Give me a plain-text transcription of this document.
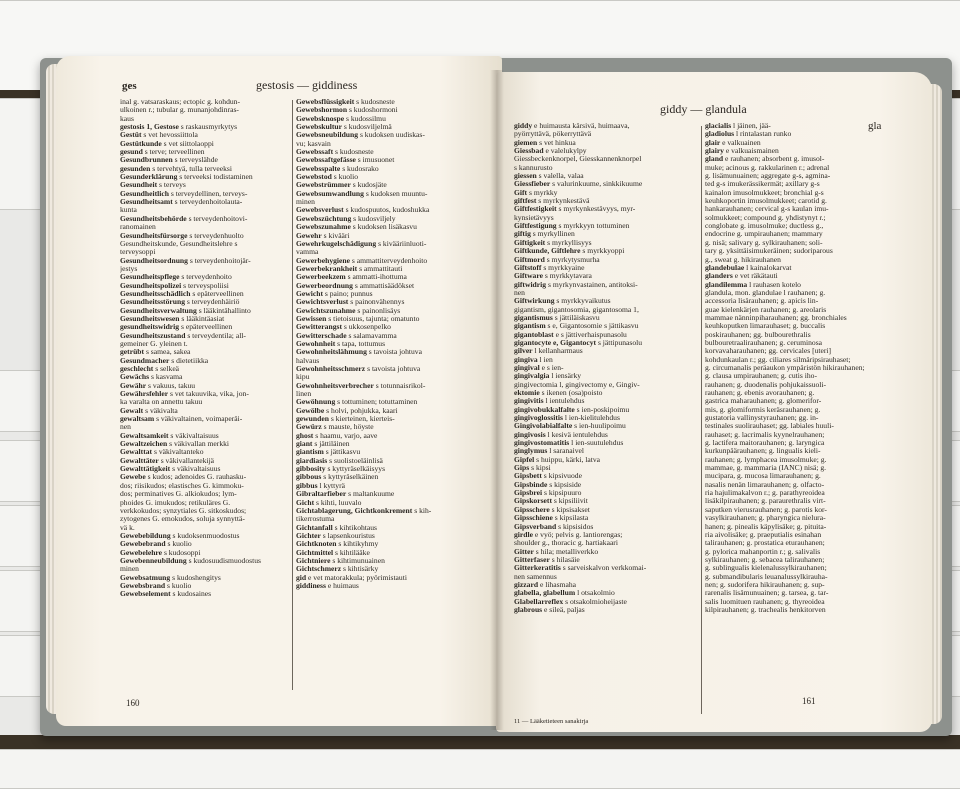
ges	gestosis — giddiness
inal g. vatsaraskaus; ectopic g. kohdun-
ulkoinen r.; tubular g. munanjohdinras-
kaus
gestosis 1, Gestose s raskausmyrkytys
Gestüt s vet hevossiittola
Gestütkunde s vet siittolaoppi
gesund s terve; terveellinen
Gesundbrunnen s terveyslähde
gesunden s tervehtyä, tulla terveeksi
Gesunderklärung s terveeksi todistaminen
Gesundheit s terveys
Gesundheitlich s terveydellinen, terveys-
Gesundheitsamt s terveydenhoitolauta-
kunta
Gesundheitsbehörde s terveydenhoitovi-
ranomainen
Gesundheitsfürsorge s terveydenhuolto
Gesundheitskunde, Gesundheitslehre s
terveysoppi
Gesundheitsordnung s terveydenhoitojär-
jestys
Gesundheitspflege s terveydenhoito
Gesundheitspolizei s terveyspoliisi
Gesundheitsschädlich s epäterveellinen
Gesundheitsstörung s terveydenhäiriö
Gesundheitsverwaltung s lääkintähallinto
Gesundheitswesen s lääkintäasiat
gesundheitswidrig s epäterveellinen
Gesundheitszustand s terveydentila; all-
gemeiner G. yleinen t.
getrübt s samea, sakea
Gesundmacher s dietetiikka
geschlecht s selkeä
Gewächs s kasvama
Gewähr s vakuus, takuu
Gewährsfehler s vet takuuvika, vika, jon-
ka varalta on annettu takuu
Gewalt s väkivalta
gewaltsam s väkivaltainen, voimaperäi-
nen
Gewaltsamkeit s väkivaltaisuus
Gewaltzeichen s väkivallan merkki
Gewalttat s väkivaltanteko
Gewalttäter s väkivallantekijä
Gewalttätigkeit s väkivaltaisuus
Gewebe s kudos; adenoides G. rauhasku-
dos; riisikudos; elastisches G. kimmoku-
dos; perminatives G. alkiokudos; lym-
phoides G. imukudos; retikuläres G.
verkkokudos; synzytiales G. sitkoskudos;
zytogenes G. emokudos, soluja synnyttä-
vä k.
Gewebebildung s kudoksenmuodostus
Gewebebrand s kuolio
Gewebelehre s kudosoppi
Gewebenneubildung s kudosuudismuodostus
minen
Gewebsatmung s kudoshengitys
Gewebsbrand s kuolio
Gewebselement s kudosaines
Gewebsflüssigkeit s kudosneste
Gewebshormon s kudoshormoni
Gewebsknospe s kudossilmu
Gewebskultur s kudosviljelmä
Gewebsneubildung s kudoksen uudiskas-
vu; kasvain
Gewebssaft s kudosneste
Gewebssaftgefässe s imusuonet
Gewebsspalte s kudosrako
Gewebstod s kuolio
Gewebstrümmer s kudosjäte
Gewebsumwandlung s kudoksen muuntu-
minen
Gewebsverlust s kudospuutos, kudoshukka
Gewebszüchtung s kudosviljely
Gewebszunahme s kudoksen lisäkasvu
Gewehr s kivääri
Gewehrkugelschädigung s kivääriinluoti-
vamma
Gewerbehygiene s ammattiterveydenhoito
Gewerbekrankheit s ammattitauti
Gewerbeekzem s ammatti-ihottuma
Gewerbeordnung s ammattisäädökset
Gewicht s paino; punnus
Gewichtsverlust s painonvähennys
Gewichtszunahme s painonlisäys
Gewissen s tietoisuus, tajunta; omatunto
Gewitterangst s ukkosenpelko
Gewitterschade s salamavamma
Gewohnheit s tapa, tottumus
Gewohnheitslähmung s tavoista johtuva
halvaus
Gewohnheitsschmerz s tavoista johtuva
kipu
Gewohnheitsverbrecher s totunnaisrikol-
linen
Gewöhnung s tottuminen; totuttaminen
Gewölbe s holvi, pohjukka, kaari
gewunden s kierteinen, kierteis-
Gewürz s mauste, höyste
ghost s haamu, varjo, aave
giant s jättiläinen
giantism s jättikasvu
giardiasis s suolistoeläinlisä
gibbosity s kyttyräselkäisyys
gibbous s kyttyräselkäinen
gibbus l kyttyrä
Gibraltarfieber s maltankuume
Gicht s kihti, luuvalo
Gichtablagerung, Gichtkonkrement s kih-
tikerrostuma
Gichtanfall s kihtikohtaus
Gichter s lapsenkouristus
Gichtknoten s kihtikyhmy
Gichtmittel s kihtilääke
Gichtniere s kihtimunuainen
Gichtschmerz s kihtisärky
gid e vet matorakkula; pyörimistauti
giddiness e huimaus
160
giddy — glandula
gla
giddy e huimausta kärsivä, huimaava,
pyörryttävä, pökerryttävä
giemen s vet hinkua
Giessbad e valelukylpy
Giessbeckenknorpel, Giesskannenknorpel
s kannurusto
giessen s valella, valaa
Giessfieber s valurinkuume, sinkkikuume
Gift s myrkky
giftfest s myrkynkestävä
Giftfestigkeit s myrkynkestävyys, myr-
kynsietävyys
Giftfestigung s myrkkyyn tottuminen
giftig s myrkyllinen
Giftigkeit s myrkyllisyys
Giftkunde, Giftlehre s myrkkyoppi
Giftmord s myrkytysmurha
Giftstoff s myrkkyaine
Giftware s myrkkytavara
giftwidrig s myrkynvastainen, antitoksi-
nen
Giftwirkung s myrkkyvaikutus
gigantism, gigantosomia, gigantosoma 1,
gigantismus s jättiläiskasvu
gigantism s e, Gigantosomie s jättikasvu
gigantoblast e s jättiverhaispunasolu
gigantocyte e, Gigantocyt s jättipunasolu
gilver l kellanharmaus
gingiva l ien
gingival e s ien-
gingivalgia l iensärky
gingivectomia l, gingivectomy e, Gingiv-
ektomie s ikenen (osa)poisto
gingivitis l ientulehdus
gingivobukkalfalte s ien-poskipoimu
gingivoglossitis l ien-kielitulehdus
Gingivolabialfalte s ien-huulipoimu
gingivosis l kesivä ientulehdus
gingivostomatitis l ien-suutulehdus
ginglymus l saranaivel
Gipfel s huippu, kärki, latva
Gips s kipsi
Gipsbett s kipsivuode
Gipsbinde s kipsiside
Gipsbrei s kipsipuuro
Gipskorsett s kipsiliivit
Gipsschere s kipsisakset
Gipsschiene s kipsilasta
Gipsverband s kipsisidos
girdle e vyö; pelvis g. lantiorengas;
shoulder g., thoracic g. hartiakaari
Gitter s hila; metalliverkko
Gitterfaser s hilasäie
Gitterkeratitis s sarveiskalvon verkkomai-
nen samennus
gizzard e lihasmaha
glabella, glabellum l otsakolmio
Glabellarreflex s otsakolmioheijaste
glabrous e sileä, paljas
glacialis l jäinen, jää-
gladiolus l rintalastan runko
glair e valkuainen
glairy e valkuaismainen
gland e rauhanen; absorbent g. imusol-
muke; acinous g. rakkularinen r.; adrenal
g. lisämunuainen; aggregate g-s, agmina-
ted g-s imukerässikermät; axillary g-s
kainalon imusolmukkeet; bronchial g-s
keuhkoportin imusolmukkeet; carotid g.
hankarauhanen; cervical g-s kaulan imu-
solmukkeet; compound g. yhdistynyt r.;
conglobate g. imusolmuke; ductless g.,
endocrine g. umpirauhanen; mammary
g. nisä; salivary g. sylkirauhanen; soli-
tary g. yksittäisimukeräinen; sudoriparous
g., sweat g. hikirauhanen
glandebulae l kainalokarvat
glanders e vet räkätauti
glandilemma l rauhasen kotelo
glandula, mon. glandulae l rauhanen; g.
accessoria lisärauhanen; g. apicis lin-
guae kielenkärjen rauhanen; g. areolaris
mammae nänninpiharauhanen; gg. bronchiales
keuhkoputken limarauhaset; g. buccalis
poskirauhanen; gg. bulbourethralis
bulbouretraalirauhanen; g. ceruminosa
korvavaharauhanen; gg. cervicales [uteri]
kohdunkaulan r.; gg. ciliares silmäripsirauhaset;
g. circumanalis peräaukon ympäristön hikirauhanen;
g. clausa umpirauhanen; g. cutis iho-
rauhanen; g. duodenalis pohjukaissuoli-
rauhanen; g. ebenis avorauhanen; g.
gastrica maharauhanen; g. glomerifor-
mis, g. glomiformis keräsrauhanen; g.
gustatoria vallinystyrauhanen; gg. in-
testinales suolirauhaset; gg. labiales huuli-
rauhaset; g. lacrimalis kyynelrauhanen;
g. lactifera maitorauhanen; g. laryngica
kurkunpäärauhanen; g. lingualis kieli-
rauhanen; g. lymphacea imusolmuke; g.
mammae, g. mammaria (IANC) nisä; g.
mucipara, g. mucosa limarauhanen; g.
nasalis nenän limarauhanen; g. olfacto-
ria hajulimakalvon r.; g. parathyreoidea
lisäkilpirauhanen; g. paraurethralis virt-
saputken vierusrauhanen; g. parotis kor-
vasylkirauhanen; g. pharyngica nielura-
hanen; g. pinealis käpylisäke; g. pituita-
ria aivolisäke; g. praeputialis esinahan
talirauhanen; g. prostatica eturauhanen;
g. pylorica mahanportin r.; g. salivalis
sylkirauhanen; g. sebacea talirauhanen;
g. sublingualis kielenalussylkirauhanen;
g. submandibularis leuanalussylkirauha-
nen; g. sudorifera hikirauhanen; g. sup-
rarenalis lisämunuainen; g. tarsea, g. tar-
salis luomituen rauhanen; g. thyreoidea
kilpirauhanen; g. trachealis henkitorven
11 — Lääketieteen sanakirja
161
